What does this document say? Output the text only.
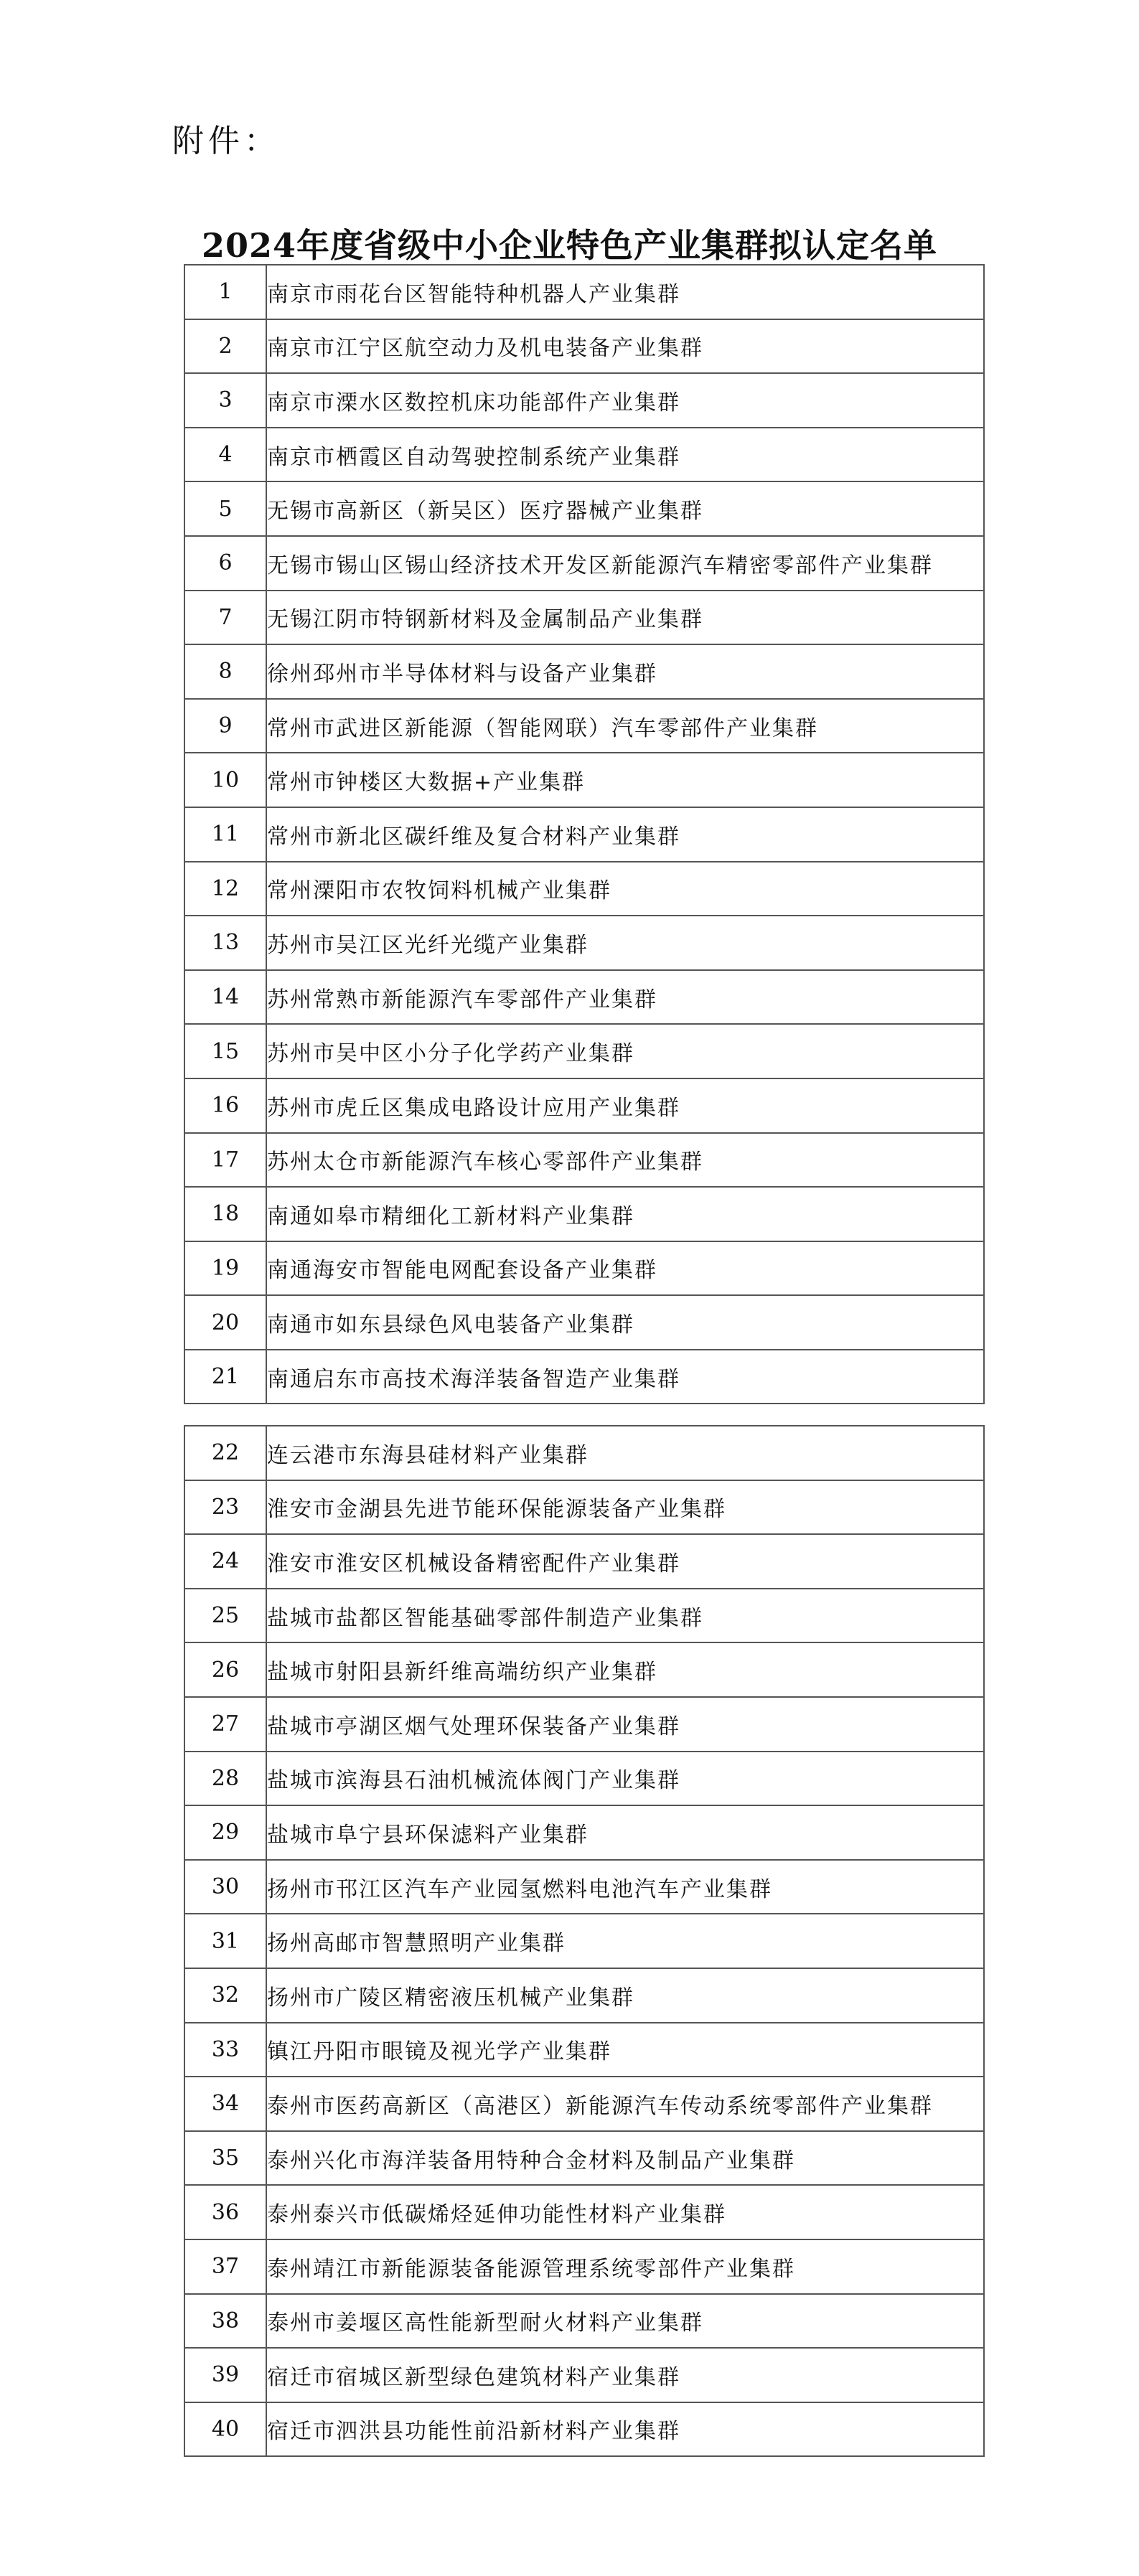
附件：
2024年度省级中小企业特色产业集群拟认定名单
1	南京市雨花台区智能特种机器人产业集群
2	南京市江宁区航空动力及机电装备产业集群
3	南京市溧水区数控机床功能部件产业集群
4	南京市栖霞区自动驾驶控制系统产业集群
5	无锡市高新区（新吴区）医疗器械产业集群
6	无锡市锡山区锡山经济技术开发区新能源汽车精密零部件产业集群
7	无锡江阴市特钢新材料及金属制品产业集群
8	徐州邳州市半导体材料与设备产业集群
9	常州市武进区新能源（智能网联）汽车零部件产业集群
10	常州市钟楼区大数据+产业集群
11	常州市新北区碳纤维及复合材料产业集群
12	常州溧阳市农牧饲料机械产业集群
13	苏州市吴江区光纤光缆产业集群
14	苏州常熟市新能源汽车零部件产业集群
15	苏州市吴中区小分子化学药产业集群
16	苏州市虎丘区集成电路设计应用产业集群
17	苏州太仓市新能源汽车核心零部件产业集群
18	南通如皋市精细化工新材料产业集群
19	南通海安市智能电网配套设备产业集群
20	南通市如东县绿色风电装备产业集群
21	南通启东市高技术海洋装备智造产业集群
22	连云港市东海县硅材料产业集群
23	淮安市金湖县先进节能环保能源装备产业集群
24	淮安市淮安区机械设备精密配件产业集群
25	盐城市盐都区智能基础零部件制造产业集群
26	盐城市射阳县新纤维高端纺织产业集群
27	盐城市亭湖区烟气处理环保装备产业集群
28	盐城市滨海县石油机械流体阀门产业集群
29	盐城市阜宁县环保滤料产业集群
30	扬州市邗江区汽车产业园氢燃料电池汽车产业集群
31	扬州高邮市智慧照明产业集群
32	扬州市广陵区精密液压机械产业集群
33	镇江丹阳市眼镜及视光学产业集群
34	泰州市医药高新区（高港区）新能源汽车传动系统零部件产业集群
35	泰州兴化市海洋装备用特种合金材料及制品产业集群
36	泰州泰兴市低碳烯烃延伸功能性材料产业集群
37	泰州靖江市新能源装备能源管理系统零部件产业集群
38	泰州市姜堰区高性能新型耐火材料产业集群
39	宿迁市宿城区新型绿色建筑材料产业集群
40	宿迁市泗洪县功能性前沿新材料产业集群
